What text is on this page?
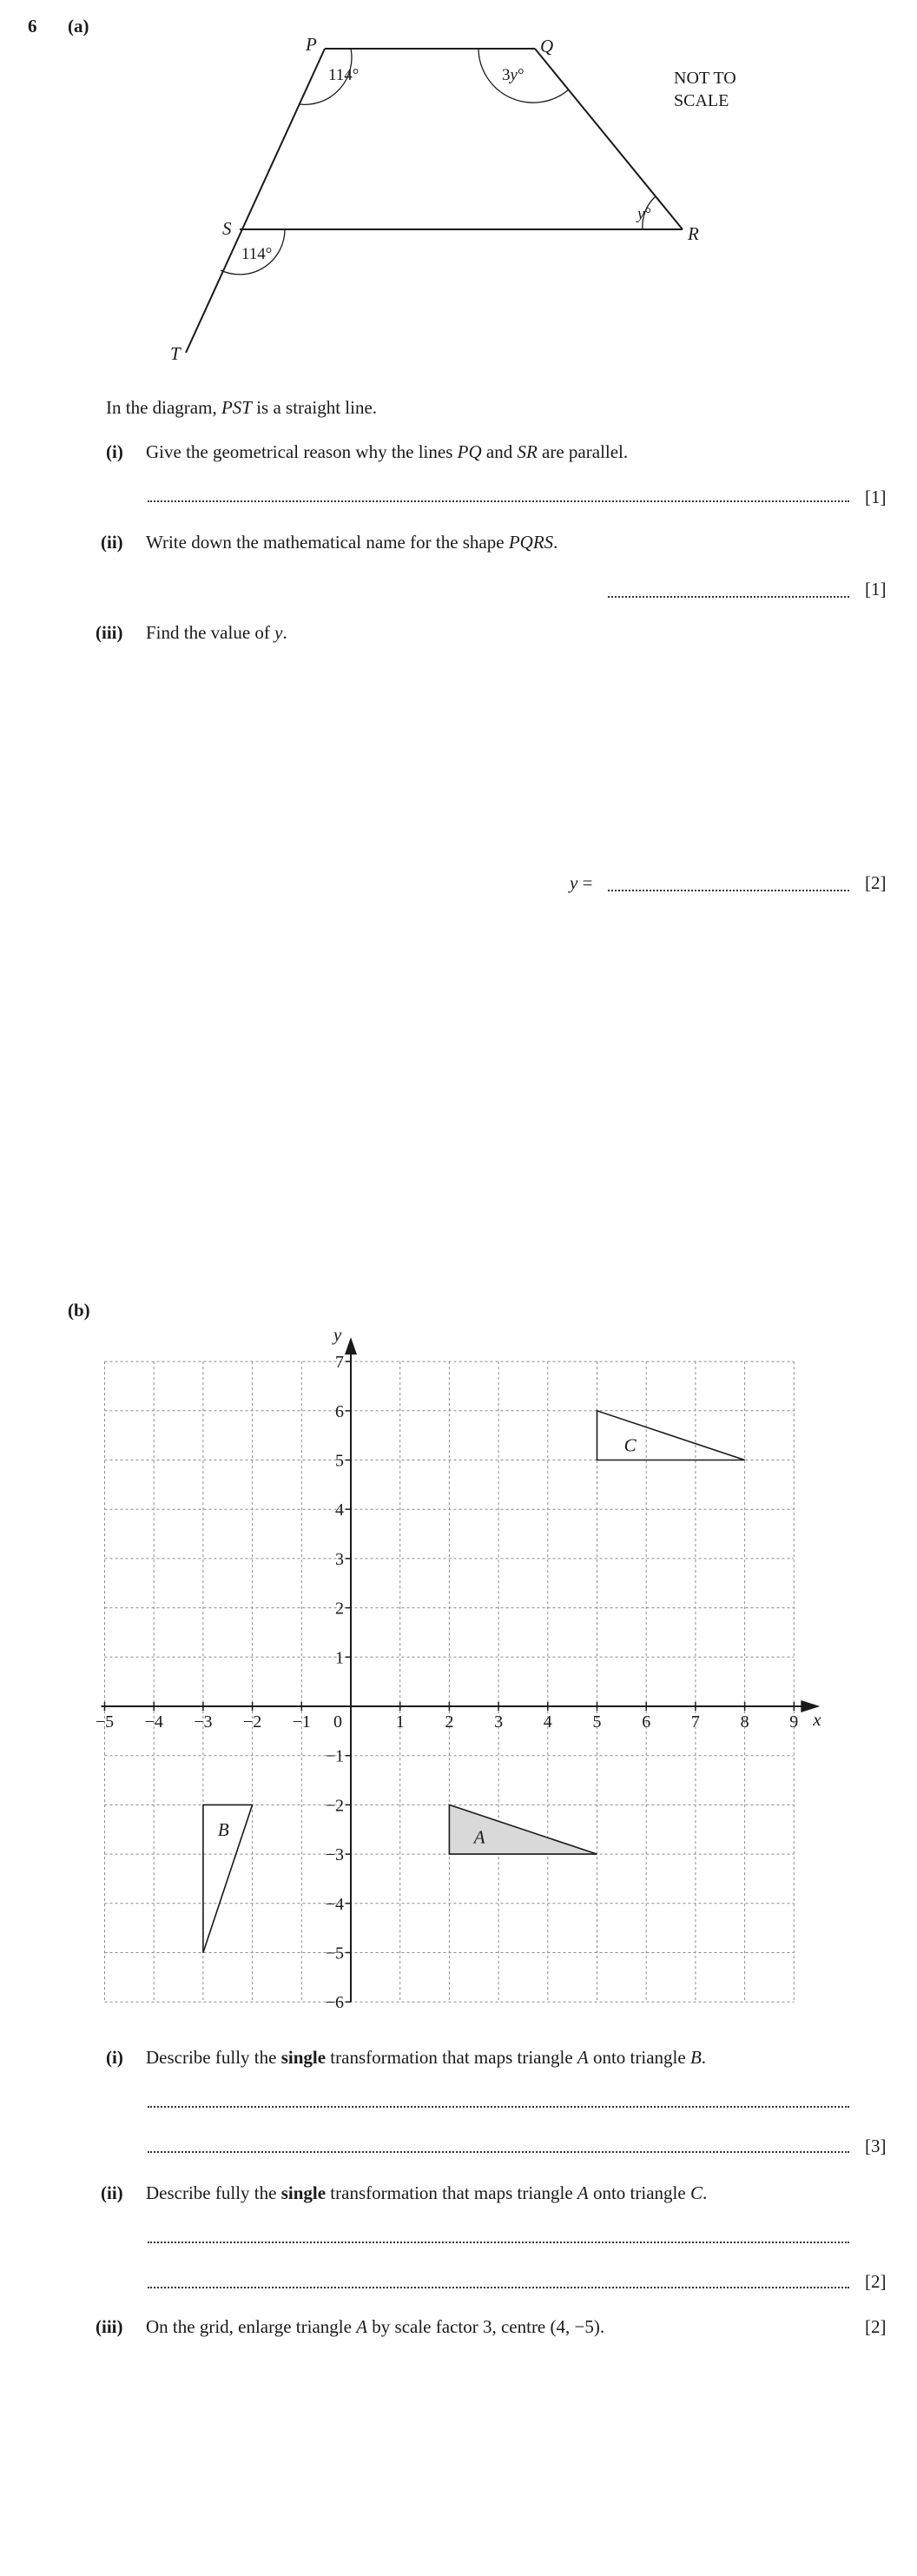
6 (a)
P	Q
R
S
T
114°	3y°
y°
114°
NOT TO
SCALE
In the diagram, PST is a straight line.
(i) Give the geometrical reason why the lines PQ and SR are parallel.
[1]
(ii) Write down the mathematical name for the shape PQRS.
[1]
(iii) Find the value of y.
y =	[2]
(b)
A
B
C
x
y
0
−5 −4 −3 −2 −1	1 2 3 4 5 6 7 8 9
−6
−5
−4
−3
−2
−1
1
2
3
4
5
6
7
(i) Describe fully the single transformation that maps triangle A onto triangle B.
[3]
(ii) Describe fully the single transformation that maps triangle A onto triangle C.
[2]
(iii) On the grid, enlarge triangle A by scale factor 3, centre (4, −5).	[2]
